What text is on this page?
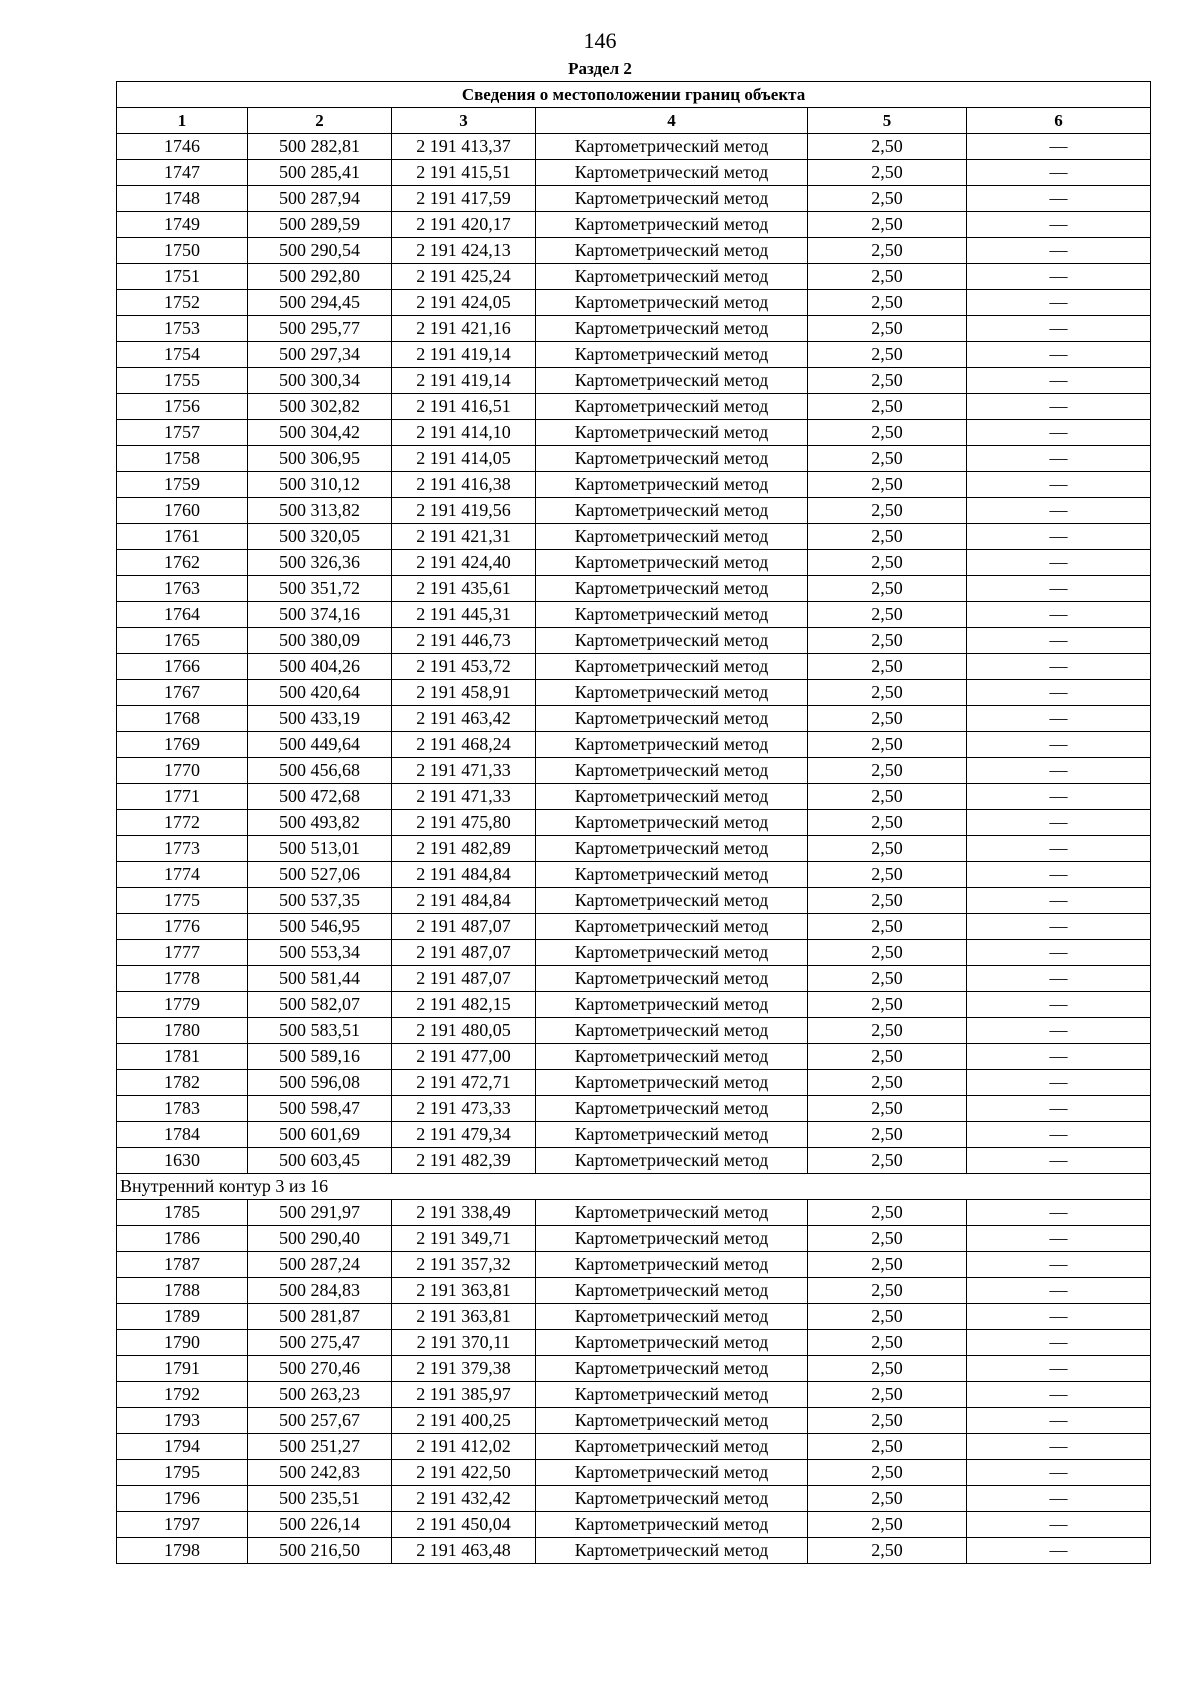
146
Раздел 2
Сведения о местоположении границ объекта					
1	2	3	4	5	6
1746	500 282,81	2 191 413,37	Картометрический метод	2,50	—
1747	500 285,41	2 191 415,51	Картометрический метод	2,50	—
1748	500 287,94	2 191 417,59	Картометрический метод	2,50	—
1749	500 289,59	2 191 420,17	Картометрический метод	2,50	—
1750	500 290,54	2 191 424,13	Картометрический метод	2,50	—
1751	500 292,80	2 191 425,24	Картометрический метод	2,50	—
1752	500 294,45	2 191 424,05	Картометрический метод	2,50	—
1753	500 295,77	2 191 421,16	Картометрический метод	2,50	—
1754	500 297,34	2 191 419,14	Картометрический метод	2,50	—
1755	500 300,34	2 191 419,14	Картометрический метод	2,50	—
1756	500 302,82	2 191 416,51	Картометрический метод	2,50	—
1757	500 304,42	2 191 414,10	Картометрический метод	2,50	—
1758	500 306,95	2 191 414,05	Картометрический метод	2,50	—
1759	500 310,12	2 191 416,38	Картометрический метод	2,50	—
1760	500 313,82	2 191 419,56	Картометрический метод	2,50	—
1761	500 320,05	2 191 421,31	Картометрический метод	2,50	—
1762	500 326,36	2 191 424,40	Картометрический метод	2,50	—
1763	500 351,72	2 191 435,61	Картометрический метод	2,50	—
1764	500 374,16	2 191 445,31	Картометрический метод	2,50	—
1765	500 380,09	2 191 446,73	Картометрический метод	2,50	—
1766	500 404,26	2 191 453,72	Картометрический метод	2,50	—
1767	500 420,64	2 191 458,91	Картометрический метод	2,50	—
1768	500 433,19	2 191 463,42	Картометрический метод	2,50	—
1769	500 449,64	2 191 468,24	Картометрический метод	2,50	—
1770	500 456,68	2 191 471,33	Картометрический метод	2,50	—
1771	500 472,68	2 191 471,33	Картометрический метод	2,50	—
1772	500 493,82	2 191 475,80	Картометрический метод	2,50	—
1773	500 513,01	2 191 482,89	Картометрический метод	2,50	—
1774	500 527,06	2 191 484,84	Картометрический метод	2,50	—
1775	500 537,35	2 191 484,84	Картометрический метод	2,50	—
1776	500 546,95	2 191 487,07	Картометрический метод	2,50	—
1777	500 553,34	2 191 487,07	Картометрический метод	2,50	—
1778	500 581,44	2 191 487,07	Картометрический метод	2,50	—
1779	500 582,07	2 191 482,15	Картометрический метод	2,50	—
1780	500 583,51	2 191 480,05	Картометрический метод	2,50	—
1781	500 589,16	2 191 477,00	Картометрический метод	2,50	—
1782	500 596,08	2 191 472,71	Картометрический метод	2,50	—
1783	500 598,47	2 191 473,33	Картометрический метод	2,50	—
1784	500 601,69	2 191 479,34	Картометрический метод	2,50	—
1630	500 603,45	2 191 482,39	Картометрический метод	2,50	—
Внутренний контур 3 из 16					
1785	500 291,97	2 191 338,49	Картометрический метод	2,50	—
1786	500 290,40	2 191 349,71	Картометрический метод	2,50	—
1787	500 287,24	2 191 357,32	Картометрический метод	2,50	—
1788	500 284,83	2 191 363,81	Картометрический метод	2,50	—
1789	500 281,87	2 191 363,81	Картометрический метод	2,50	—
1790	500 275,47	2 191 370,11	Картометрический метод	2,50	—
1791	500 270,46	2 191 379,38	Картометрический метод	2,50	—
1792	500 263,23	2 191 385,97	Картометрический метод	2,50	—
1793	500 257,67	2 191 400,25	Картометрический метод	2,50	—
1794	500 251,27	2 191 412,02	Картометрический метод	2,50	—
1795	500 242,83	2 191 422,50	Картометрический метод	2,50	—
1796	500 235,51	2 191 432,42	Картометрический метод	2,50	—
1797	500 226,14	2 191 450,04	Картометрический метод	2,50	—
1798	500 216,50	2 191 463,48	Картометрический метод	2,50	—
